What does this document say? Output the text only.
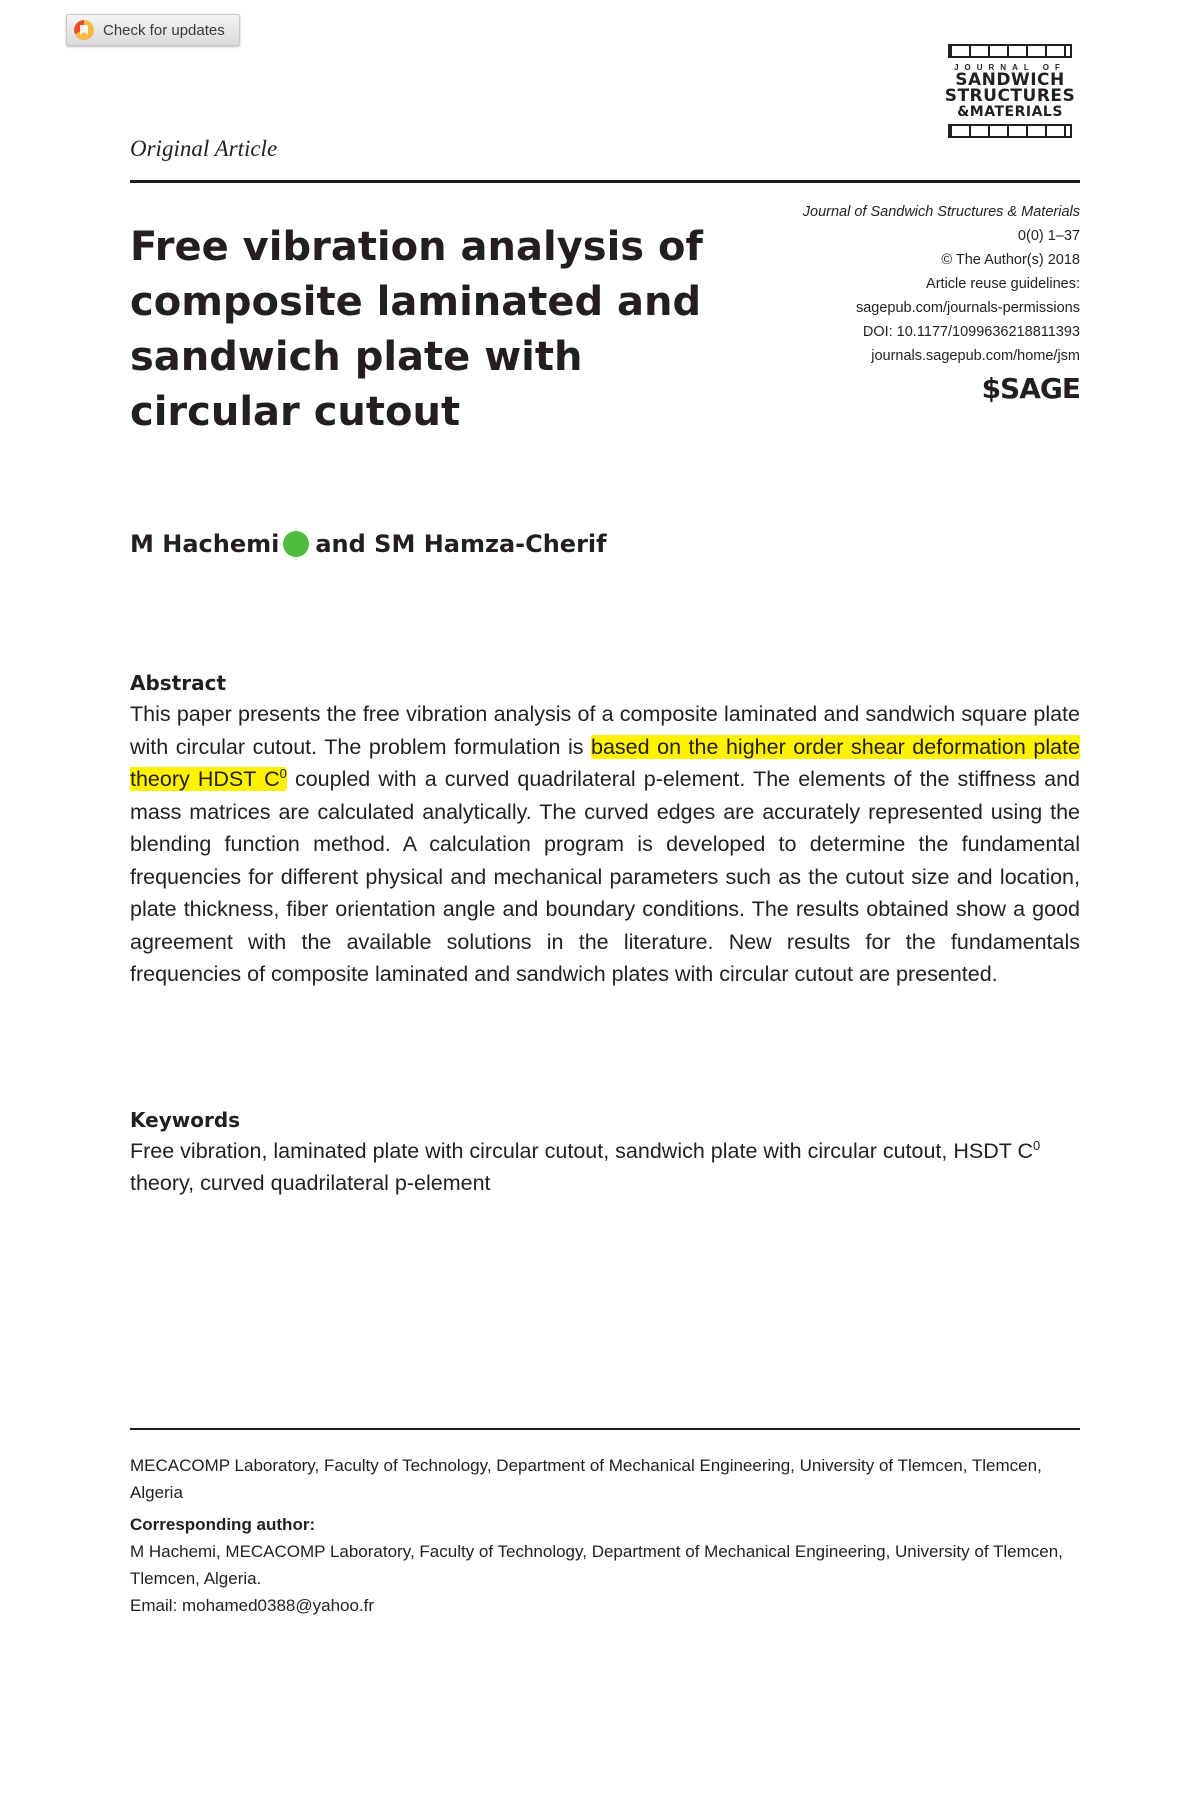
Check for updates
JOURNAL OF
SANDWICH
STRUCTURES
&MATERIALS
Original Article
Free vibration analysis of composite laminated and sandwich plate with circular cutout
Journal of Sandwich Structures & Materials
0(0) 1–37
© The Author(s) 2018
Article reuse guidelines:
sagepub.com/journals-permissions
DOI: 10.1177/1099636218811393
journals.sagepub.com/home/jsm
$SAGE
M Hachemi and
SM Hamza-Cherif
Abstract

This paper presents the free vibration analysis of a composite laminated and sandwich square plate with circular cutout. The problem formulation is based on the higher order shear deformation plate theory HDST $C^0$ coupled with a curved quadrilateral p-element. The elements of the stiffness and mass matrices are calculated analytically. The curved edges are accurately represented using the blending function method. A calculation program is developed to determine the fundamental frequencies for different physical and mechanical parameters such as the cutout size and location, plate thickness, fiber orientation angle and boundary conditions. The results obtained show a good agreement with the available solutions in the literature. New results for the fundamentals frequencies of composite laminated and sandwich plates with circular cutout are presented.

Keywords

Free vibration, laminated plate with circular cutout, sandwich plate with circular cutout, HSDT $C^0$ theory, curved quadrilateral p-element

MECACOMP Laboratory, Faculty of Technology, Department of Mechanical Engineering, University of Tlemcen, Tlemcen, Algeria

Corresponding author:

M Hachemi, MECACOMP Laboratory, Faculty of Technology, Department of Mechanical Engineering, University of Tlemcen, Tlemcen, Algeria.

Email: mohamed0388@yahoo.fr
